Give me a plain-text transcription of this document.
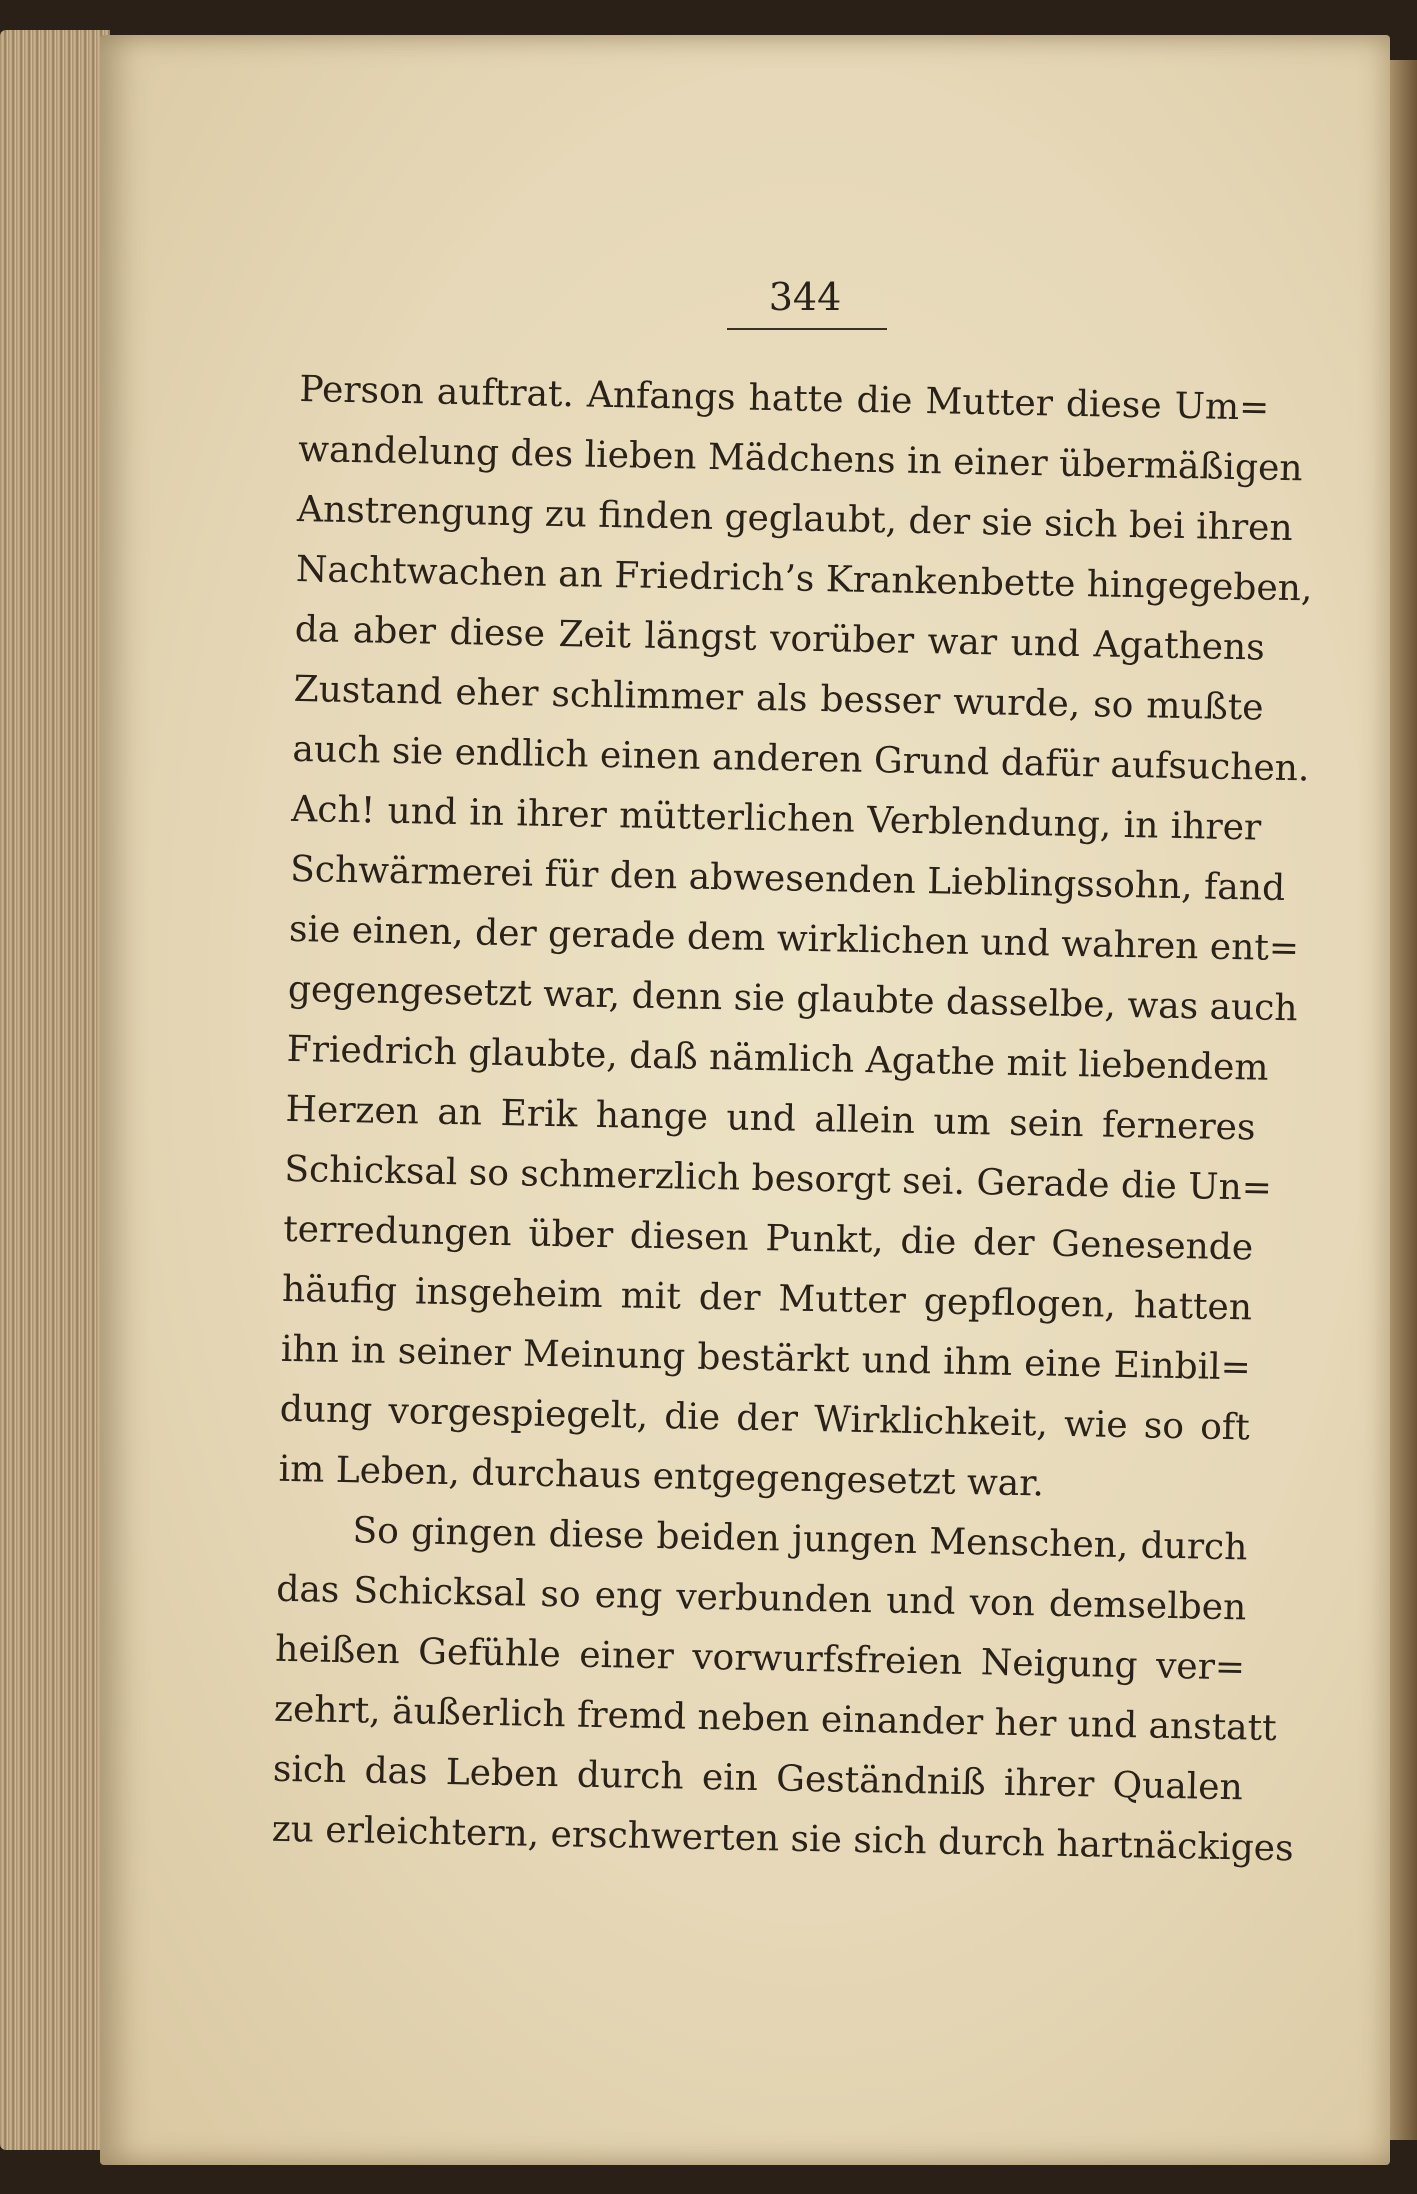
344
Person auftrat. Anfangs hatte die Mutter diese Um=
wandelung des lieben Mädchens in einer übermäßigen
Anstrengung zu finden geglaubt, der sie sich bei ihren
Nachtwachen an Friedrich’s Krankenbette hingegeben,
da aber diese Zeit längst vorüber war und Agathens
Zustand eher schlimmer als besser wurde, so mußte
auch sie endlich einen anderen Grund dafür aufsuchen.
Ach! und in ihrer mütterlichen Verblendung, in ihrer
Schwärmerei für den abwesenden Lieblingssohn, fand
sie einen, der gerade dem wirklichen und wahren ent=
gegengesetzt war, denn sie glaubte dasselbe, was auch
Friedrich glaubte, daß nämlich Agathe mit liebendem
Herzen an Erik hange und allein um sein ferneres
Schicksal so schmerzlich besorgt sei. Gerade die Un=
terredungen über diesen Punkt, die der Genesende
häufig insgeheim mit der Mutter gepflogen, hatten
ihn in seiner Meinung bestärkt und ihm eine Einbil=
dung vorgespiegelt, die der Wirklichkeit, wie so oft
im Leben, durchaus entgegengesetzt war.
So gingen diese beiden jungen Menschen, durch
das Schicksal so eng verbunden und von demselben
heißen Gefühle einer vorwurfsfreien Neigung ver=
zehrt, äußerlich fremd neben einander her und anstatt
sich das Leben durch ein Geständniß ihrer Qualen
zu erleichtern, erschwerten sie sich durch hartnäckiges
